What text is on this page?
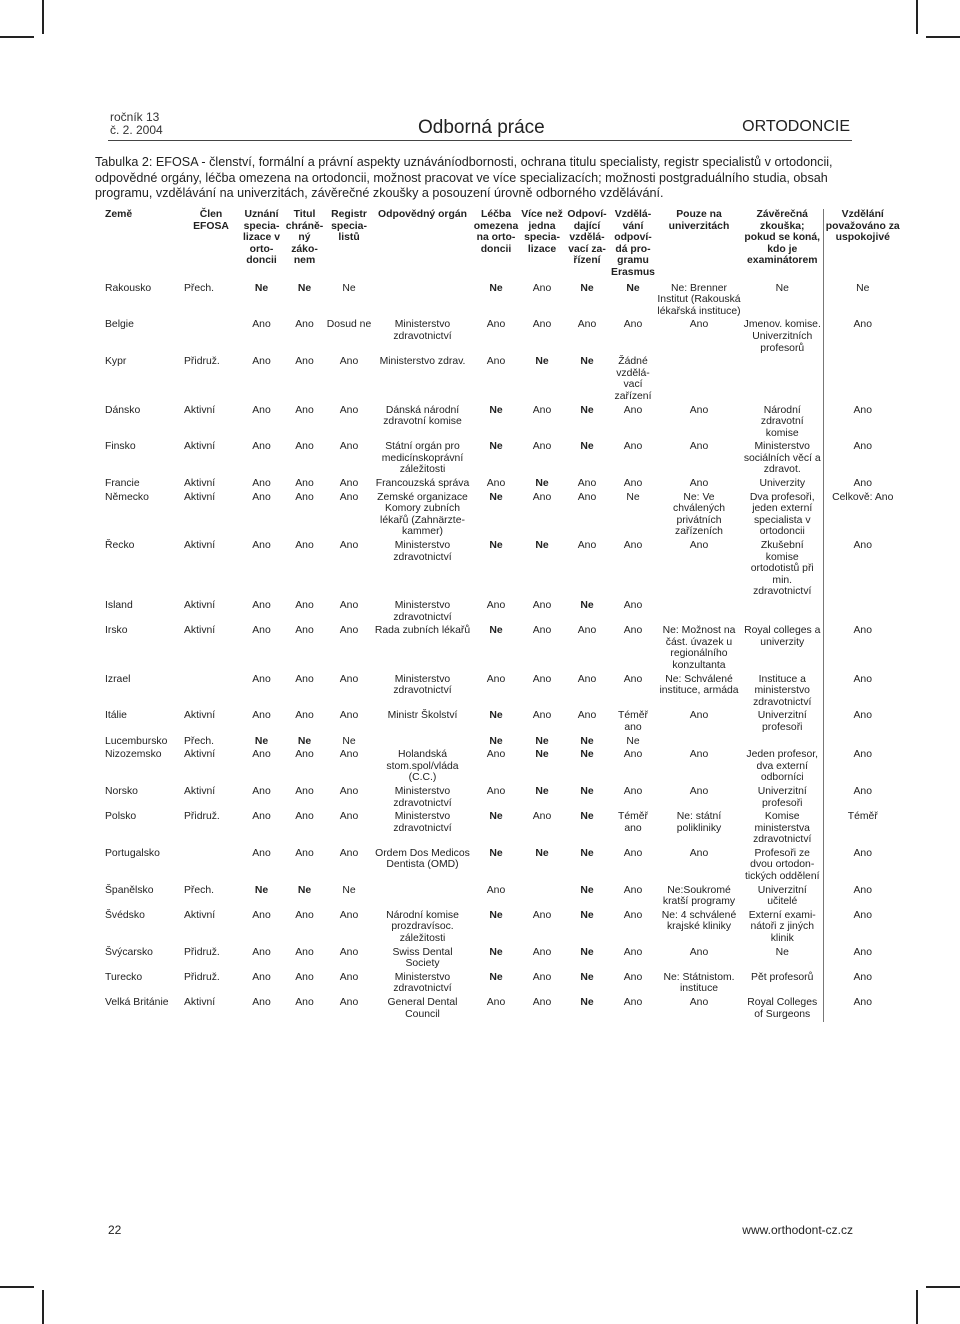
ročník 13
č. 2. 2004	Odborná práce	ORTODONCIE
Tabulka 2: EFOSA - členství, formální a právní aspekty uznáváníodbornosti, ochrana titulu specialisty, registr specialistů v ortodoncii, odpovědné orgány, léčba omezena na ortodoncii, možnost pracovat ve více specializacích; možnosti postgraduálního studia, obsah programu, vzdělávání na univerzitách, závěrečné zkoušky a posouzení úrovně odborného vzdělávání.
Země	Člen EFOSA	Uznání specializace v ortodoncii	Titul chráněný zákonem	Registr specialistů	Odpovědný orgán	Léčba omezena na ortodoncii	Více než jedna specializace	Odpovídající vzdělávací zařízení	Vzdělávání odpovídá programu Erasmus	Pouze na univerzitách	Závěrečná zkouška; pokud se koná, kdo je examinátorem	Vzdělání považováno za uspokojivé
Rakousko	Přech.	Ne	Ne	Ne		Ne	Ano	Ne	Ne	Ne: Brenner Institut (Rakouská lékařská instituce)	Ne	Ne
Belgie		Ano	Ano	Dosud ne	Ministerstvo zdravotnictví	Ano	Ano	Ano	Ano	Ano	Jmenov. komise. Univerzitních profesorů	Ano
Kypr	Přidruž.	Ano	Ano	Ano	Ministerstvo zdrav.	Ano	Ne	Ne	Žádné vzdělávací zařízení			
Dánsko	Aktivní	Ano	Ano	Ano	Dánská národní zdravotní komise	Ne	Ano	Ne	Ano	Ano	Národní zdravotní komise	Ano
Finsko	Aktivní	Ano	Ano	Ano	Státní orgán pro medicínskoprávní záležitosti	Ne	Ano	Ne	Ano	Ano	Ministerstvo sociálních věcí a zdravot.	Ano
Francie	Aktivní	Ano	Ano	Ano	Francouzská správa	Ano	Ne	Ano	Ano	Ano	Univerzity	Ano
Německo	Aktivní	Ano	Ano	Ano	Zemské organizace Komory zubních lékařů (Zahnärztekammer)	Ne	Ano	Ano	Ne	Ne: Ve chválených privátních zařízeních	Dva profesoři, jeden externí specialista v ortodoncii	Celkově: Ano
Řecko	Aktivní	Ano	Ano	Ano	Ministerstvo zdravotnictví	Ne	Ne	Ano	Ano	Ano	Zkušební komise ortodotistů při min. zdravotnictví	Ano
Island	Aktivní	Ano	Ano	Ano	Ministerstvo zdravotnictví	Ano	Ano	Ne	Ano			
Irsko	Aktivní	Ano	Ano	Ano	Rada zubních lékařů	Ne	Ano	Ano	Ano	Ne: Možnost na část. úvazek u regionálního konzultanta	Royal colleges a univerzity	Ano
Izrael		Ano	Ano	Ano	Ministerstvo zdravotnictví	Ano	Ano	Ano	Ano	Ne: Schválené instituce, armáda	Instituce a ministerstvo zdravotnictví	Ano
Itálie	Aktivní	Ano	Ano	Ano	Ministr Školství	Ne	Ano	Ano	Téměř ano	Ano	Univerzitní profesoři	Ano
Lucembursko	Přech.	Ne	Ne	Ne		Ne	Ne	Ne	Ne			
Nizozemsko	Aktivní	Ano	Ano	Ano	Holandská stom.spol/vláda (C.C.)	Ano	Ne	Ne	Ano	Ano	Jeden profesor, dva externí odborníci	Ano
Norsko	Aktivní	Ano	Ano	Ano	Ministerstvo zdravotnictví	Ano	Ne	Ne	Ano	Ano	Univerzitní profesoři	Ano
Polsko	Přidruž.	Ano	Ano	Ano	Ministerstvo zdravotnictví	Ne	Ano	Ne	Téměř ano	Ne: státní polikliniky	Komise ministerstva zdravotnictví	Téměř
Portugalsko		Ano	Ano	Ano	Ordem Dos Medicos Dentista (OMD)	Ne	Ne	Ne	Ano	Ano	Profesoři ze dvou ortodontických oddělení	Ano
Španělsko	Přech.	Ne	Ne	Ne		Ano		Ne	Ano	Ne:Soukromé kratší programy	Univerzitní učitelé	Ano
Švédsko	Aktivní	Ano	Ano	Ano	Národní komise prozdravísoc. záležitosti	Ne	Ano	Ne	Ano	Ne: 4 schválené krajské kliniky	Externí examinátoři z jiných klinik	Ano
Švýcarsko	Přidruž.	Ano	Ano	Ano	Swiss Dental Society	Ne	Ano	Ne	Ano	Ano	Ne	Ano
Turecko	Přidruž.	Ano	Ano	Ano	Ministerstvo zdravotnictví	Ne	Ano	Ne	Ano	Ne: Státnistom. instituce	Pět profesorů	Ano
Velká Británie	Aktivní	Ano	Ano	Ano	General Dental Council	Ano	Ano	Ne	Ano	Ano	Royal Colleges of Surgeons	Ano
22	www.orthodont-cz.cz
